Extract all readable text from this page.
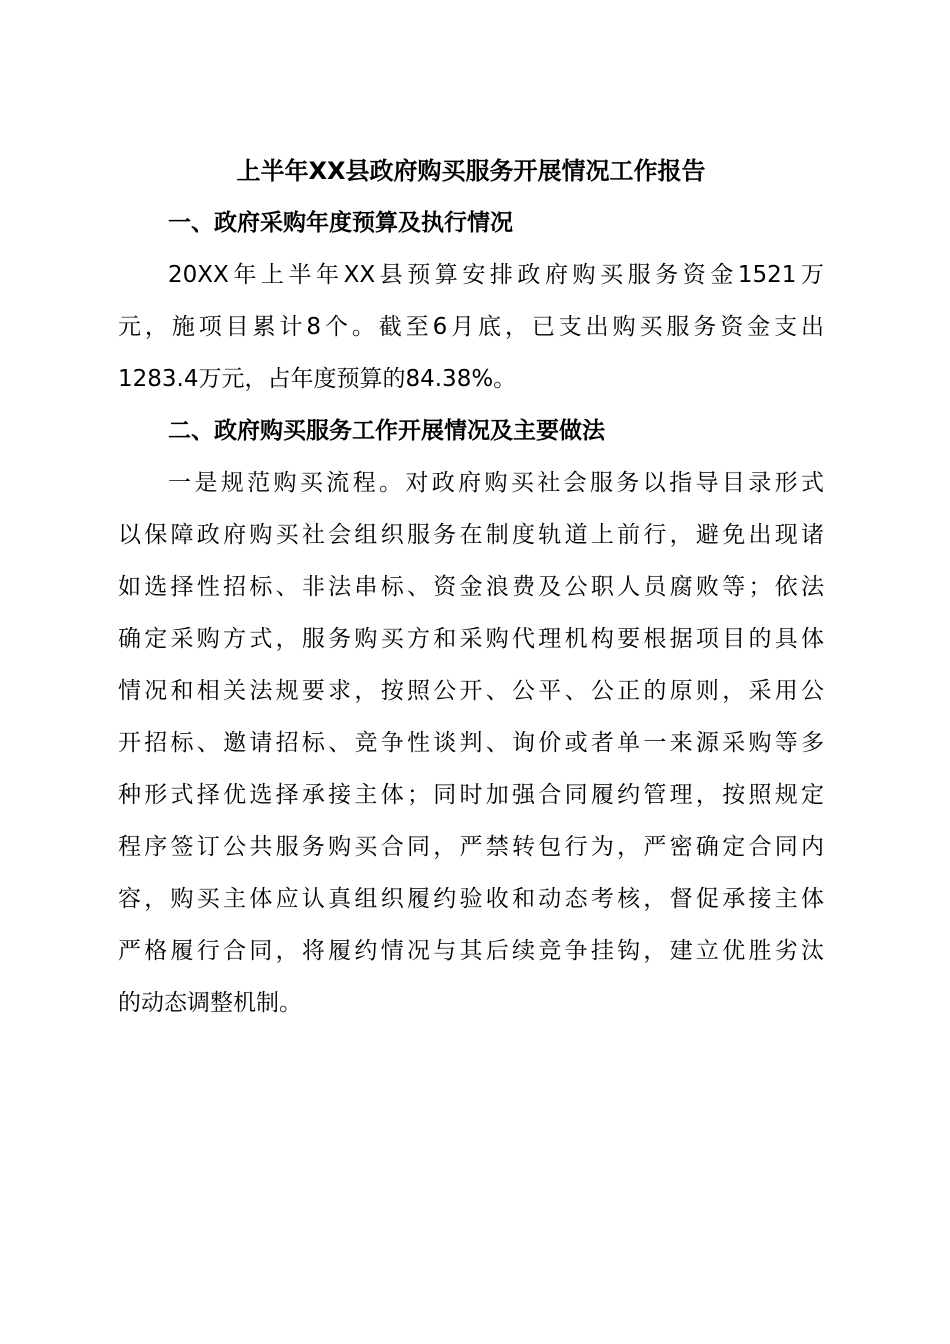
上半年XX县政府购买服务开展情况工作报告
一、政府采购年度预算及执行情况

20XX年上半年XX县预算安排政府购买服务资金1521万
元，施项目累计8个。截至6月底，已支出购买服务资金支出
1283.4万元，占年度预算的84.38%。

二、政府购买服务工作开展情况及主要做法

一是规范购买流程。对政府购买社会服务以指导目录形式
以保障政府购买社会组织服务在制度轨道上前行，避免出现诸
如选择性招标、非法串标、资金浪费及公职人员腐败等；依法
确定采购方式，服务购买方和采购代理机构要根据项目的具体
情况和相关法规要求，按照公开、公平、公正的原则，采用公
开招标、邀请招标、竞争性谈判、询价或者单一来源采购等多
种形式择优选择承接主体；同时加强合同履约管理，按照规定
程序签订公共服务购买合同，严禁转包行为，严密确定合同内
容，购买主体应认真组织履约验收和动态考核，督促承接主体
严格履行合同，将履约情况与其后续竞争挂钩，建立优胜劣汰
的动态调整机制。
